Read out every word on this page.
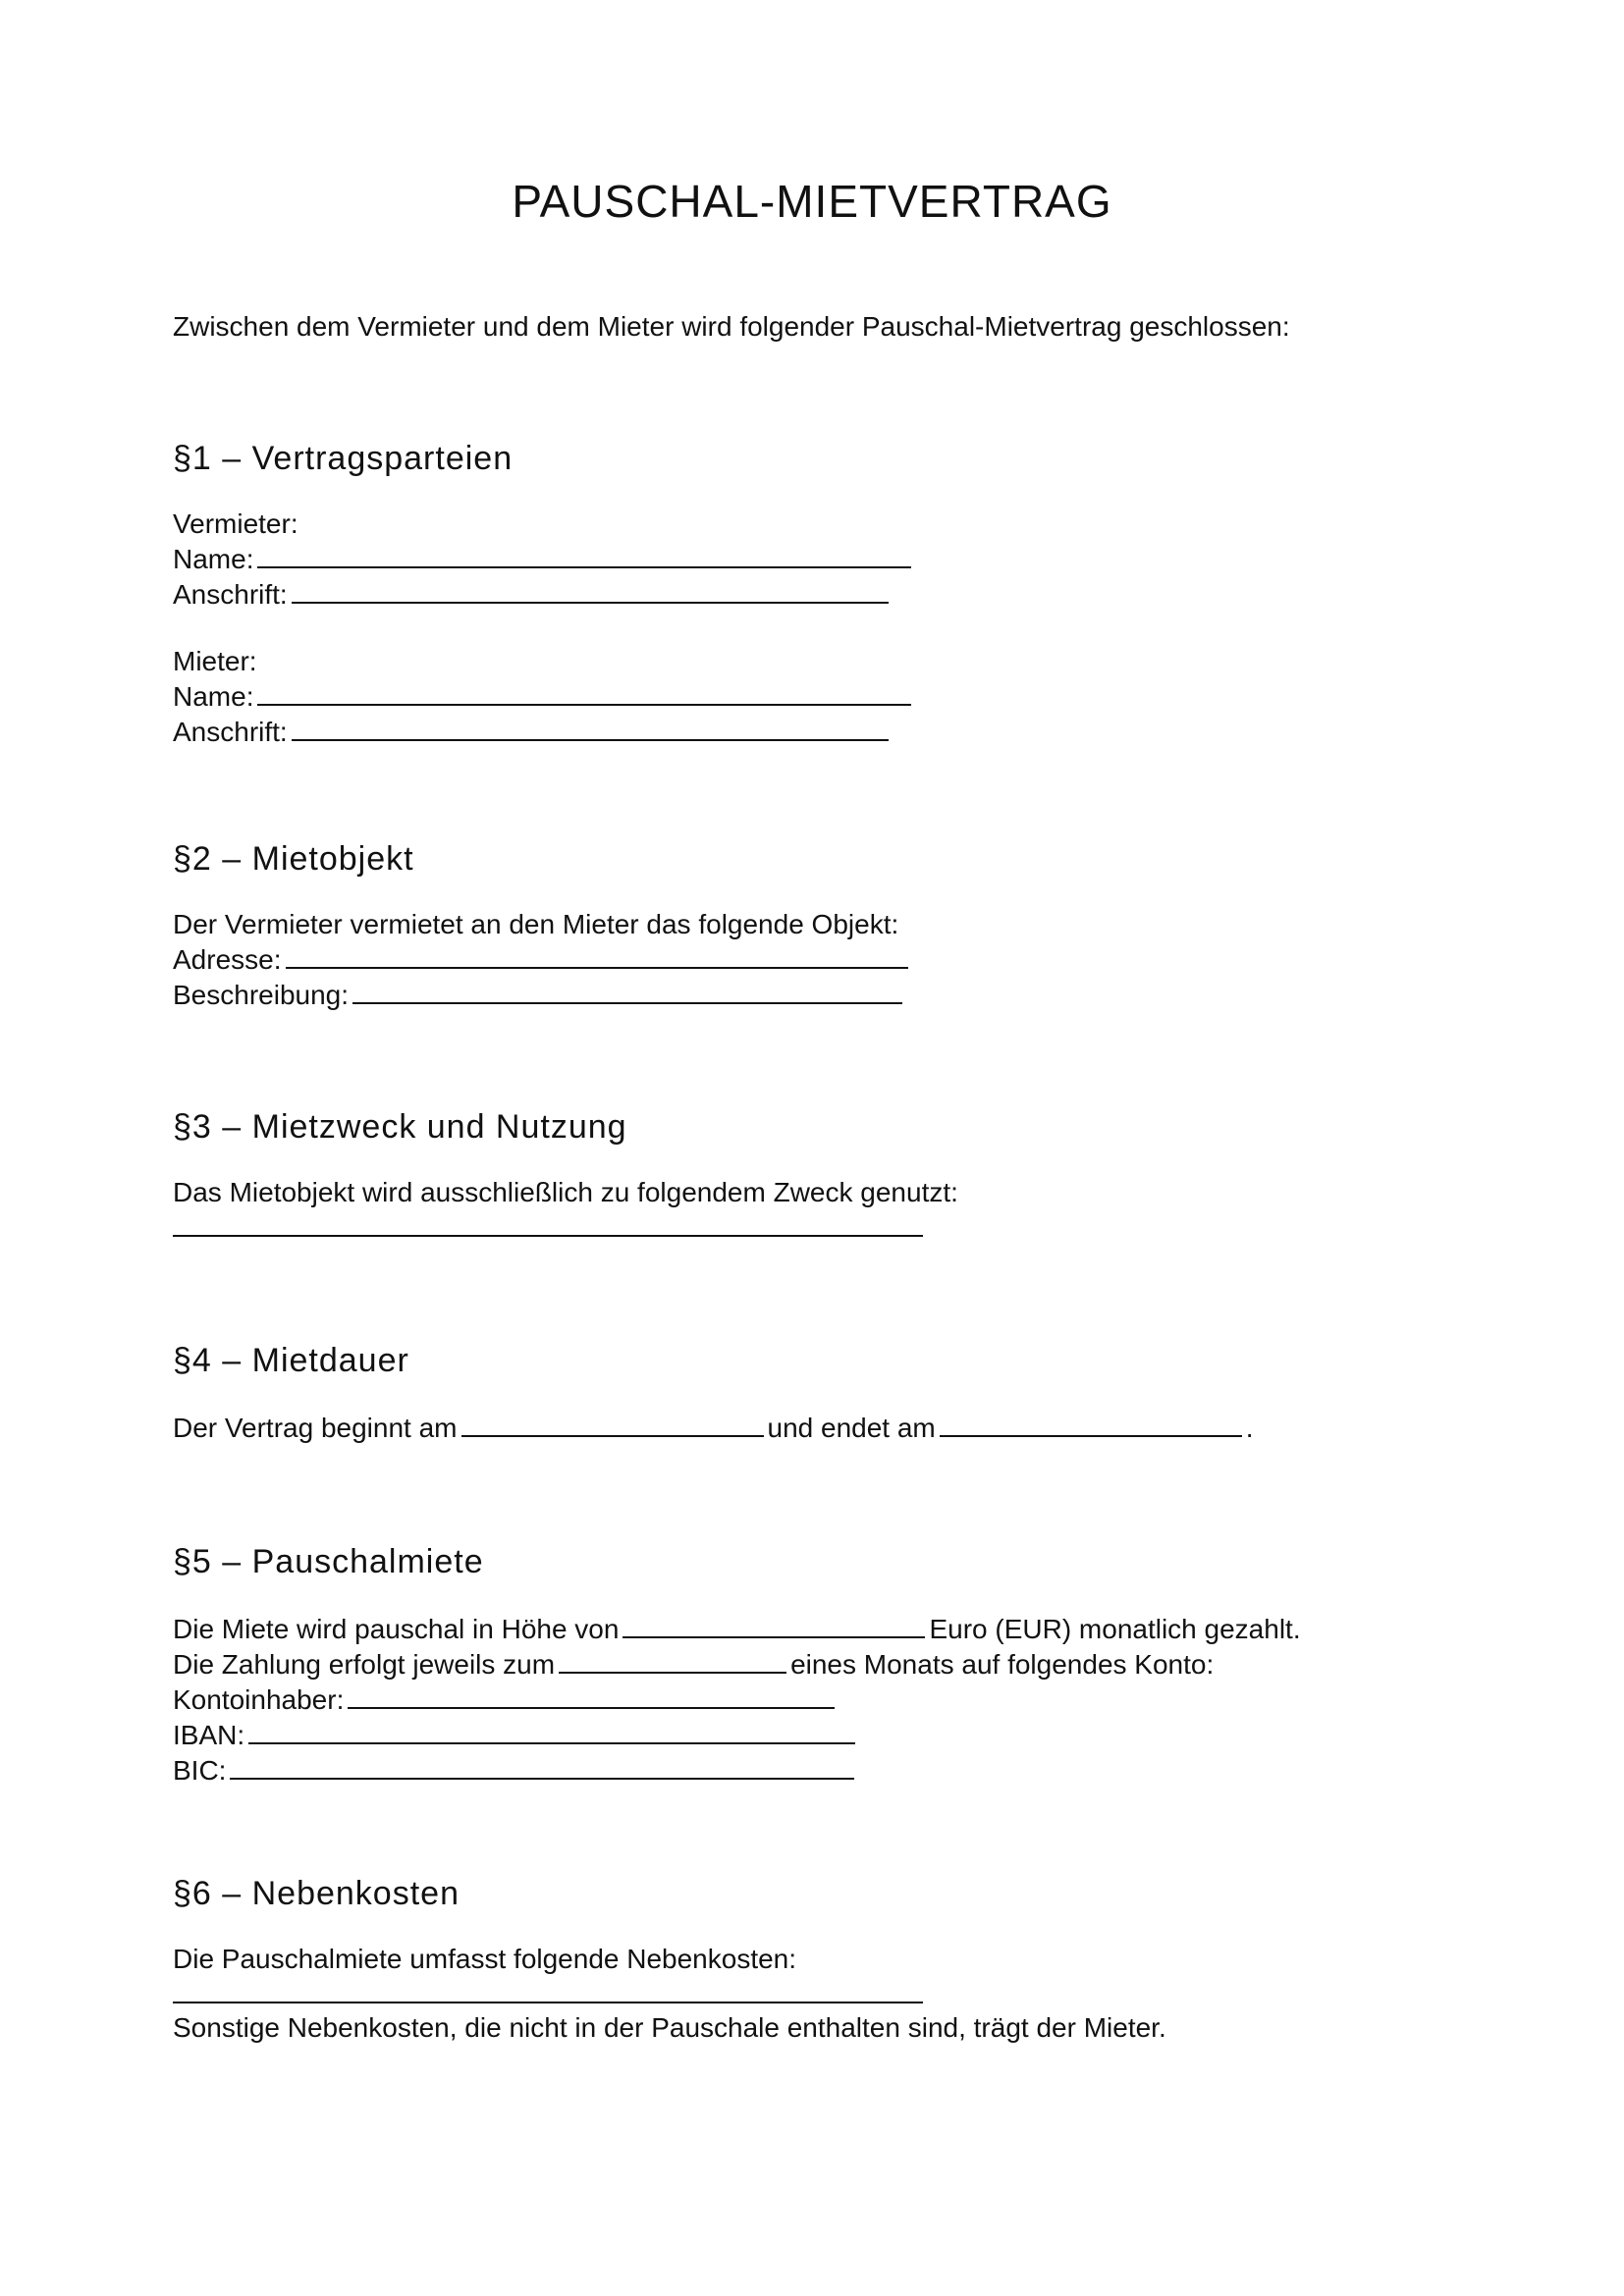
PAUSCHAL-MIETVERTRAG

Zwischen dem Vermieter und dem Mieter wird folgender Pauschal-Mietvertrag geschlossen:

§1 – Vertragsparteien
Vermieter:
Name:
Anschrift:
Mieter:
Name:
Anschrift:
§2 – Mietobjekt
Der Vermieter vermietet an den Mieter das folgende Objekt:
Adresse:
Beschreibung:
§3 – Mietzweck und Nutzung
Das Mietobjekt wird ausschließlich zu folgendem Zweck genutzt:
§4 – Mietdauer
Der Vertrag beginnt am	und endet am	.
§5 – Pauschalmiete
Die Miete wird pauschal in Höhe von	Euro (EUR) monatlich gezahlt.
Die Zahlung erfolgt jeweils zum	eines Monats auf folgendes Konto:
Kontoinhaber:
IBAN:
BIC:
§6 – Nebenkosten
Die Pauschalmiete umfasst folgende Nebenkosten:
Sonstige Nebenkosten, die nicht in der Pauschale enthalten sind, trägt der Mieter.
